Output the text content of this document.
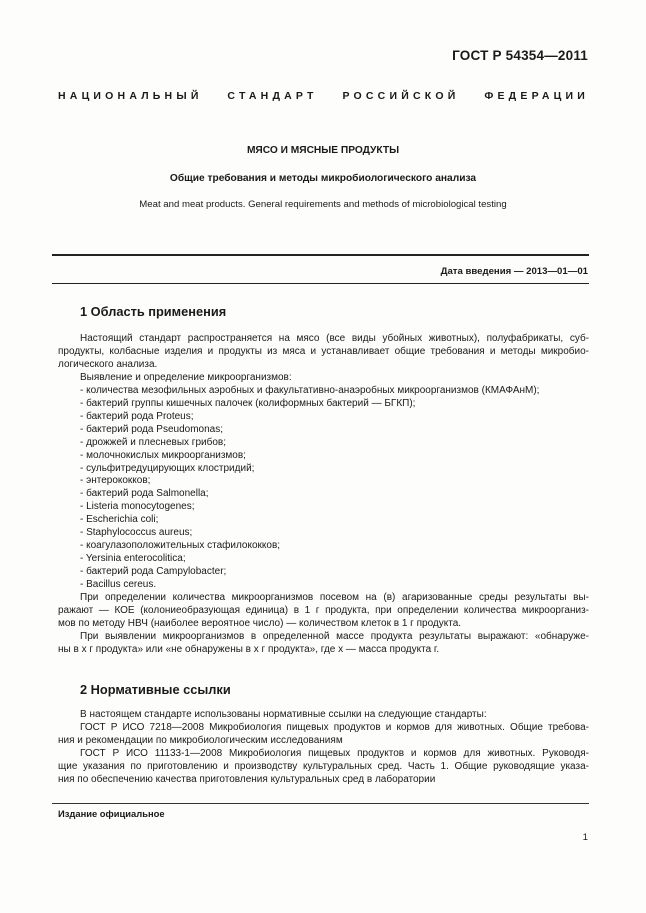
ГОСТ Р 54354—2011
НАЦИОНАЛЬНЫЙ СТАНДАРТ РОССИЙСКОЙ ФЕДЕРАЦИИ
МЯСО И МЯСНЫЕ ПРОДУКТЫ
Общие требования и методы микробиологического анализа
Meat and meat products. General requirements and methods of microbiological testing
Дата введения — 2013—01—01
1 Область применения
Настоящий стандарт распространяется на мясо (все виды убойных животных), полуфабрикаты, суб-
продукты, колбасные изделия и продукты из мяса и устанавливает общие требования и методы микробио-
логического анализа.
Выявление и определение микроорганизмов:
- количества мезофильных аэробных и факультативно-анаэробных микроорганизмов (КМАФАнМ);
- бактерий группы кишечных палочек (колиформных бактерий — БГКП);
- бактерий рода Proteus;
- бактерий рода Pseudomonas;
- дрожжей и плесневых грибов;
- молочнокислых микроорганизмов;
- сульфитредуцирующих клостридий;
- энтерококков;
- бактерий рода Salmonella;
- Listeria monocytogenes;
- Escherichia coli;
- Staphylococcus aureus;
- коагулазоположительных стафилококков;
- Yersinia enterocolitica;
- бактерий рода Campylobacter;
- Bacillus cereus.
При определении количества микроорганизмов посевом на (в) агаризованные среды результаты вы-
ражают — КОЕ (колониеобразующая единица) в 1 г продукта, при определении количества микроорганиз-
мов по методу НВЧ (наиболее вероятное число) — количеством клеток в 1 г продукта.
При выявлении микроорганизмов в определенной массе продукта результаты выражают: «обнаруже-
ны в x г продукта» или «не обнаружены в x г продукта», где x — масса продукта г.
2 Нормативные ссылки
В настоящем стандарте использованы нормативные ссылки на следующие стандарты:
ГОСТ Р ИСО 7218—2008 Микробиология пищевых продуктов и кормов для животных. Общие требова-
ния и рекомендации по микробиологическим исследованиям
ГОСТ Р ИСО 11133-1—2008 Микробиология пищевых продуктов и кормов для животных. Руководя-
щие указания по приготовлению и производству культуральных сред. Часть 1. Общие руководящие указа-
ния по обеспечению качества приготовления культуральных сред в лаборатории
Издание официальное
1
